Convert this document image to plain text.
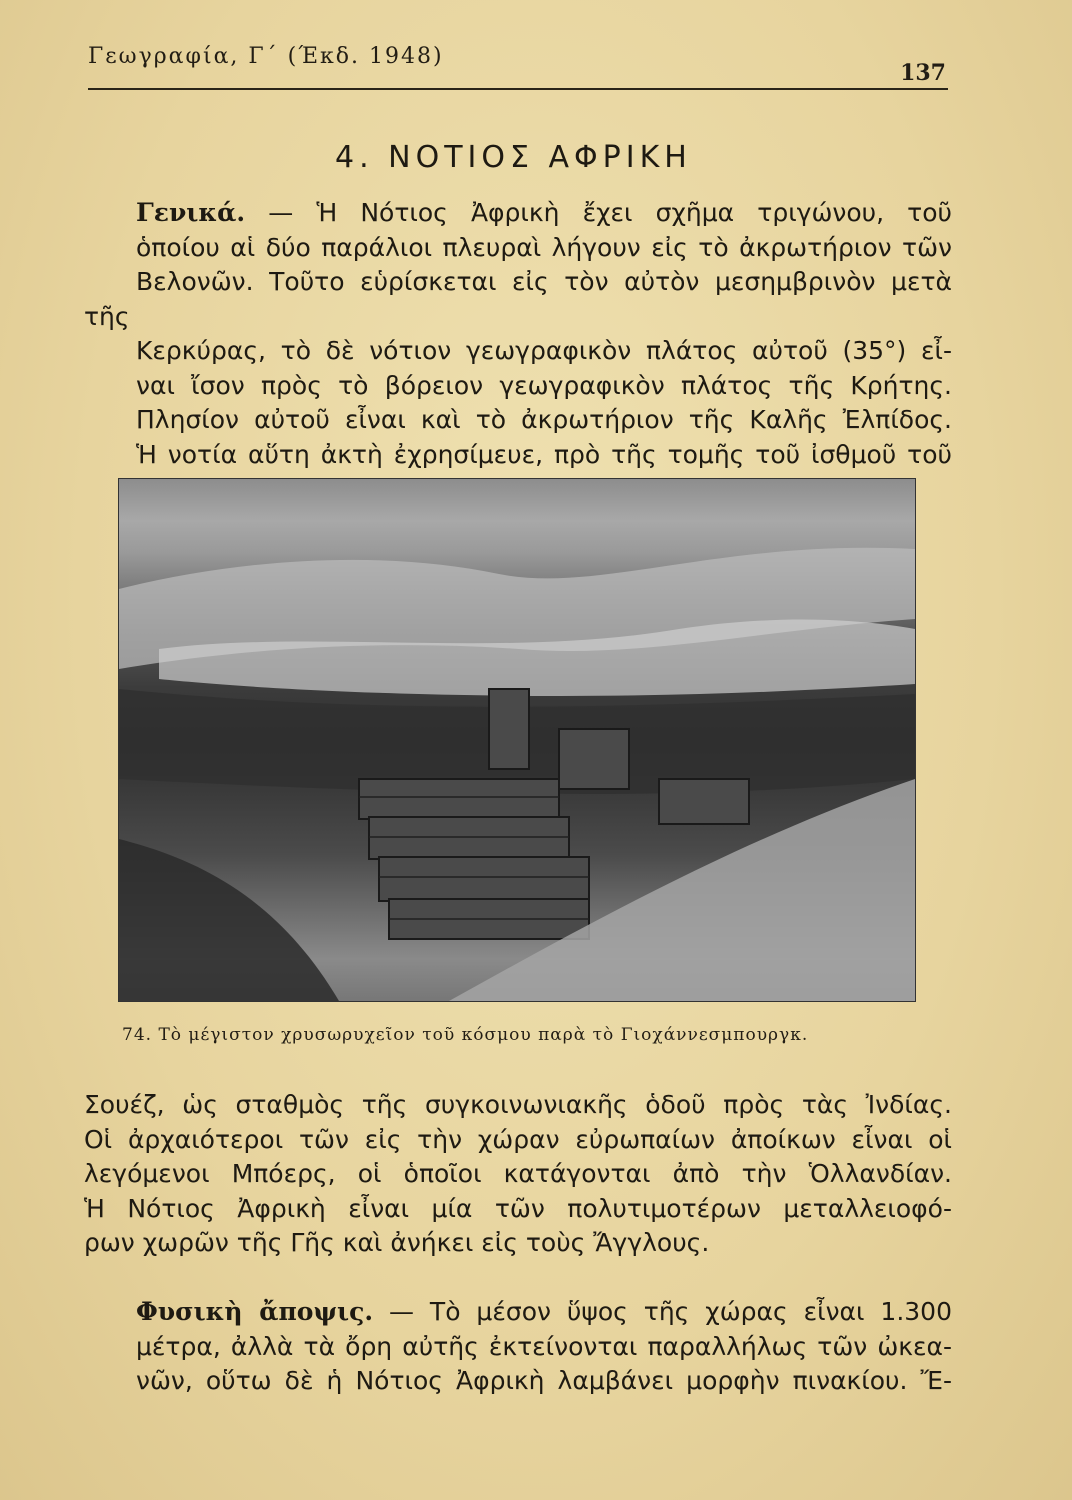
Γεωγραφία, Γ΄ (Έκδ. 1948)
137
4. ΝΟΤΙΟΣ ΑΦΡΙΚΗ
Γενικά. — Ἡ Νότιος Ἀφρικὴ ἔχει σχῆμα τριγώνου, τοῦ
ὁποίου αἱ δύο παράλιοι πλευραὶ λήγουν εἰς τὸ ἀκρωτήριον τῶν
Βελονῶν. Τοῦτο εὑρίσκεται εἰς τὸν αὐτὸν μεσημβρινὸν μετὰ τῆς
Κερκύρας, τὸ δὲ νότιον γεωγραφικὸν πλάτος αὐτοῦ (35°) εἶ-
ναι ἴσον πρὸς τὸ βόρειον γεωγραφικὸν πλάτος τῆς Κρήτης.
Πλησίον αὐτοῦ εἶναι καὶ τὸ ἀκρωτήριον τῆς Καλῆς Ἐλπίδος.
Ἡ νοτία αὕτη ἀκτὴ ἐχρησίμευε, πρὸ τῆς τομῆς τοῦ ἰσθμοῦ τοῦ
74. Τὸ μέγιστον χρυσωρυχεῖον τοῦ κόσμου παρὰ τὸ Γιοχάννεσμπουργκ.
Σουέζ, ὡς σταθμὸς τῆς συγκοινωνιακῆς ὁδοῦ πρὸς τὰς Ἰνδίας.
Οἱ ἀρχαιότεροι τῶν εἰς τὴν χώραν εὐρωπαίων ἀποίκων εἶναι οἱ
λεγόμενοι Μπόερς, οἱ ὁποῖοι κατάγονται ἀπὸ τὴν Ὁλλανδίαν.
Ἡ Νότιος Ἀφρικὴ εἶναι μία τῶν πολυτιμοτέρων μεταλλειοφό-
ρων χωρῶν τῆς Γῆς καὶ ἀνήκει εἰς τοὺς Ἄγγλους.
Φυσικὴ ἄποψις. — Τὸ μέσον ὕψος τῆς χώρας εἶναι 1.300
μέτρα, ἀλλὰ τὰ ὄρη αὐτῆς ἐκτείνονται παραλλήλως τῶν ὠκεα-
νῶν, οὕτω δὲ ἡ Νότιος Ἀφρικὴ λαμβάνει μορφὴν πινακίου. Ἔ-
